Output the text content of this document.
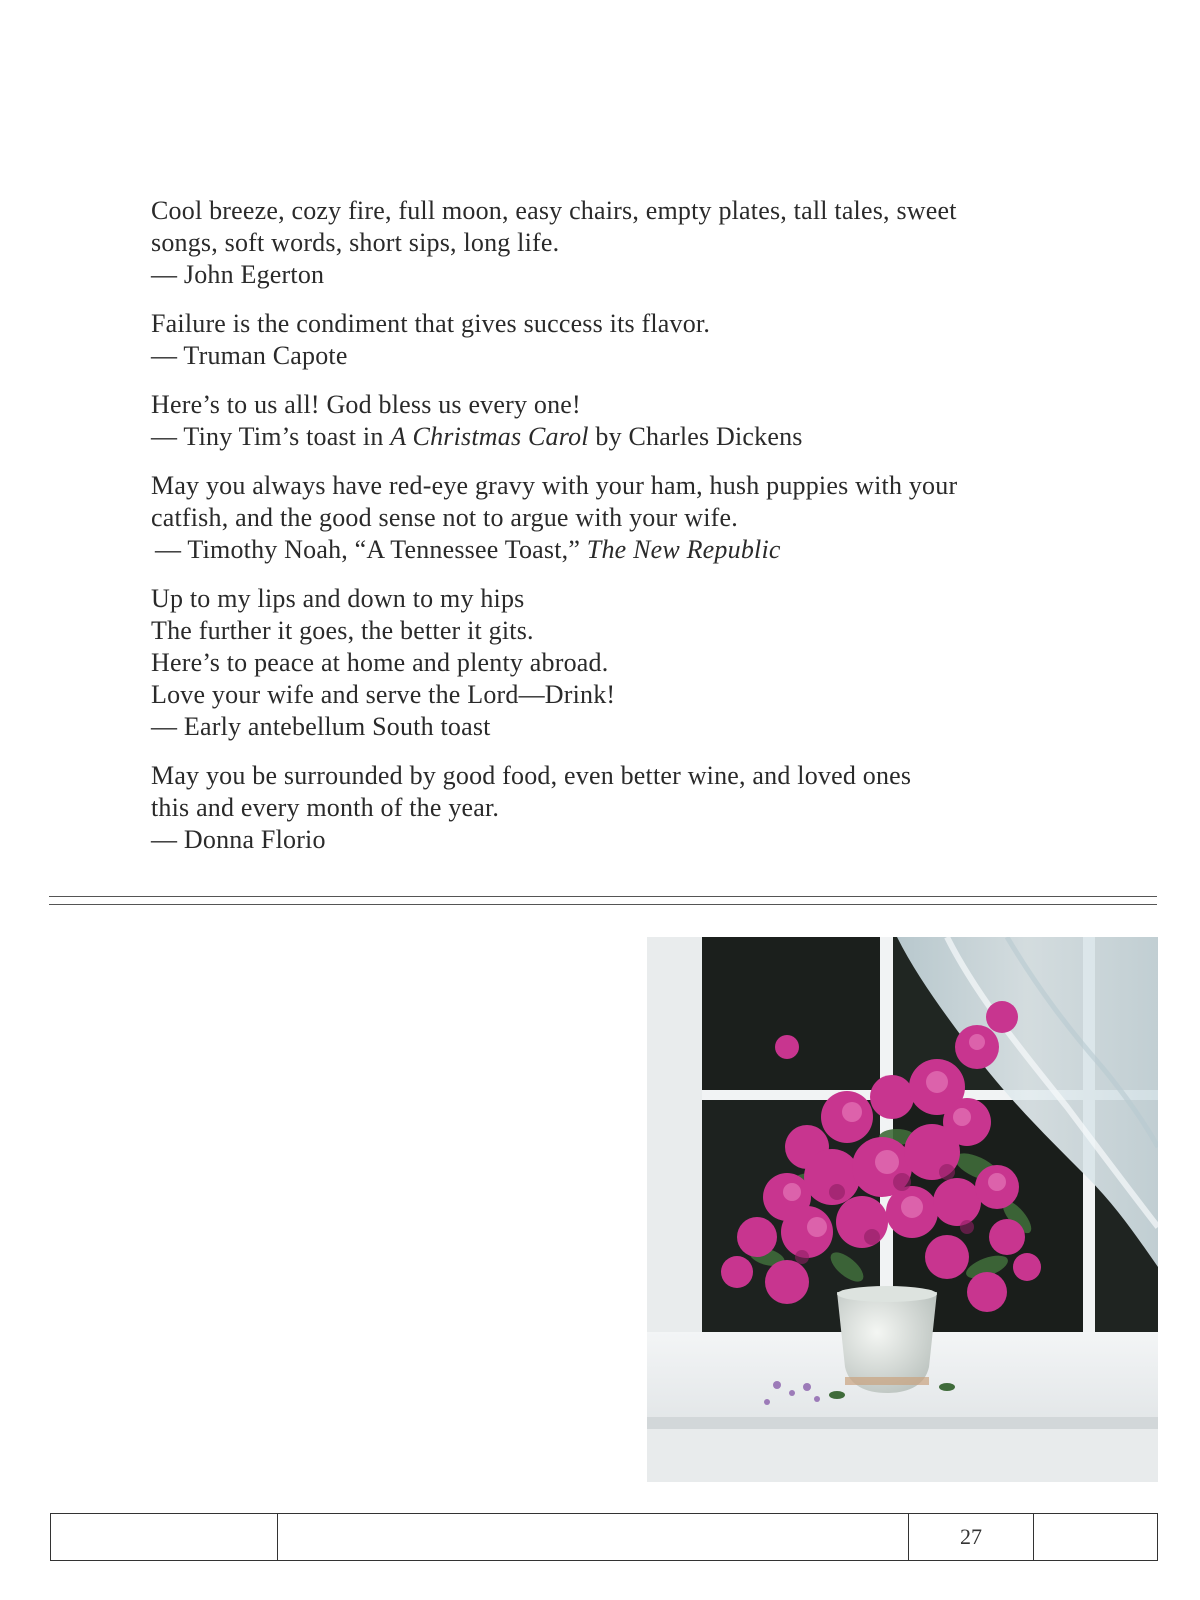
Cool breeze, cozy fire, full moon, easy chairs, empty plates, tall tales, sweet
songs, soft words, short sips, long life.
— John Egerton
Failure is the condiment that gives success its flavor.
— Truman Capote
Here’s to us all! God bless us every one!
— Tiny Tim’s toast in A Christmas Carol by Charles Dickens
May you always have red-eye gravy with your ham, hush puppies with your
catfish, and the good sense not to argue with your wife.
— Timothy Noah, “A Tennessee Toast,” The New Republic
Up to my lips and down to my hips
The further it goes, the better it gits.
Here’s to peace at home and plenty abroad.
Love your wife and serve the Lord—Drink!
— Early antebellum South toast
May you be surrounded by good food, even better wine, and loved ones
this and every month of the year.
— Donna Florio
27
